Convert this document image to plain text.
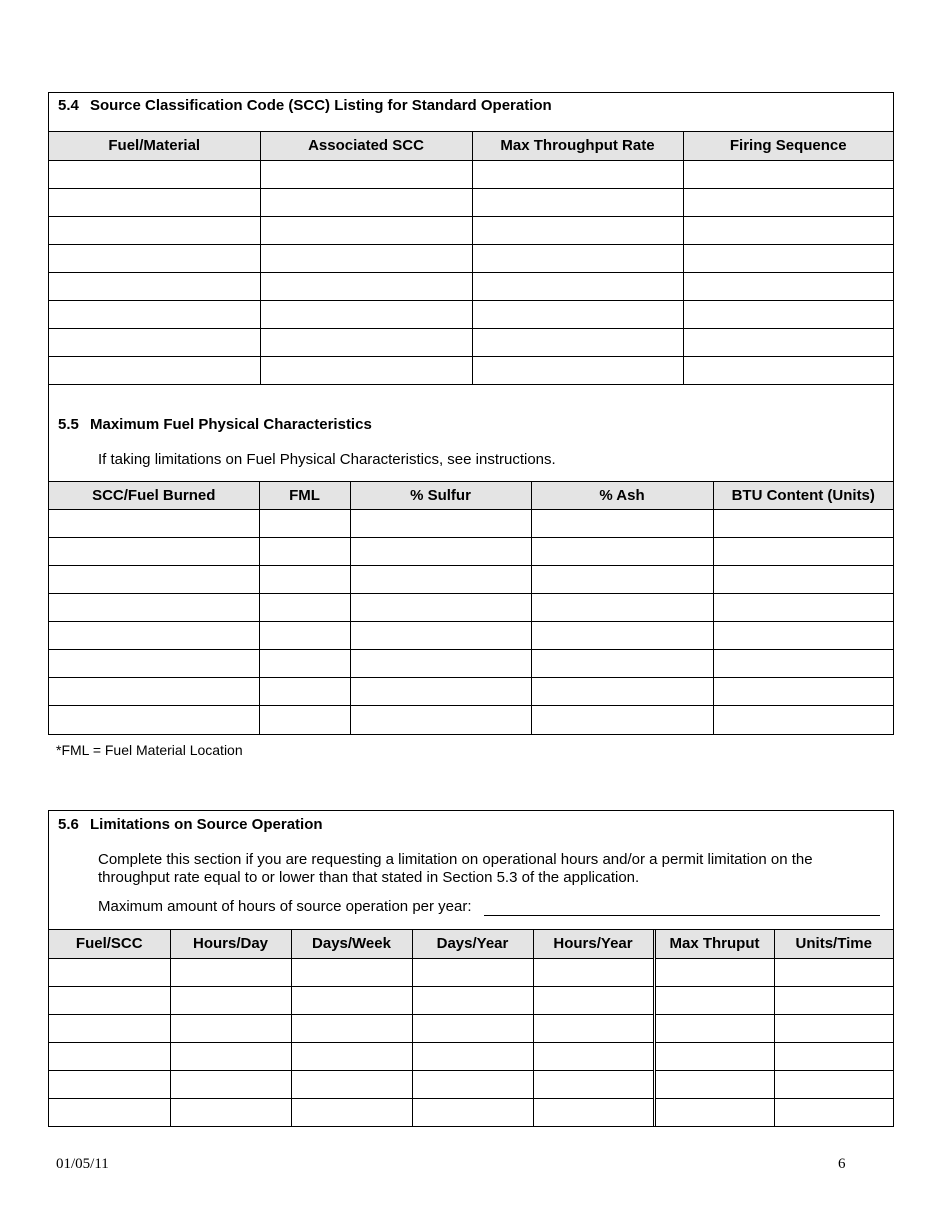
5.4 Source Classification Code (SCC) Listing for Standard Operation
Fuel/Material	Associated SCC	Max Throughput Rate	Firing Sequence

5.5 Maximum Fuel Physical Characteristics
If taking limitations on Fuel Physical Characteristics, see instructions.
SCC/Fuel Burned	FML	% Sulfur	% Ash	BTU Content (Units)

*FML = Fuel Material Location
5.6 Limitations on Source Operation
Complete this section if you are requesting a limitation on operational hours and/or a permit limitation on the throughput rate equal to or lower than that stated in Section 5.3 of the application.
Maximum amount of hours of source operation per year:
Fuel/SCC	Hours/Day	Days/Week	Days/Year	Hours/Year	Max Thruput	Units/Time

01/05/11	6
